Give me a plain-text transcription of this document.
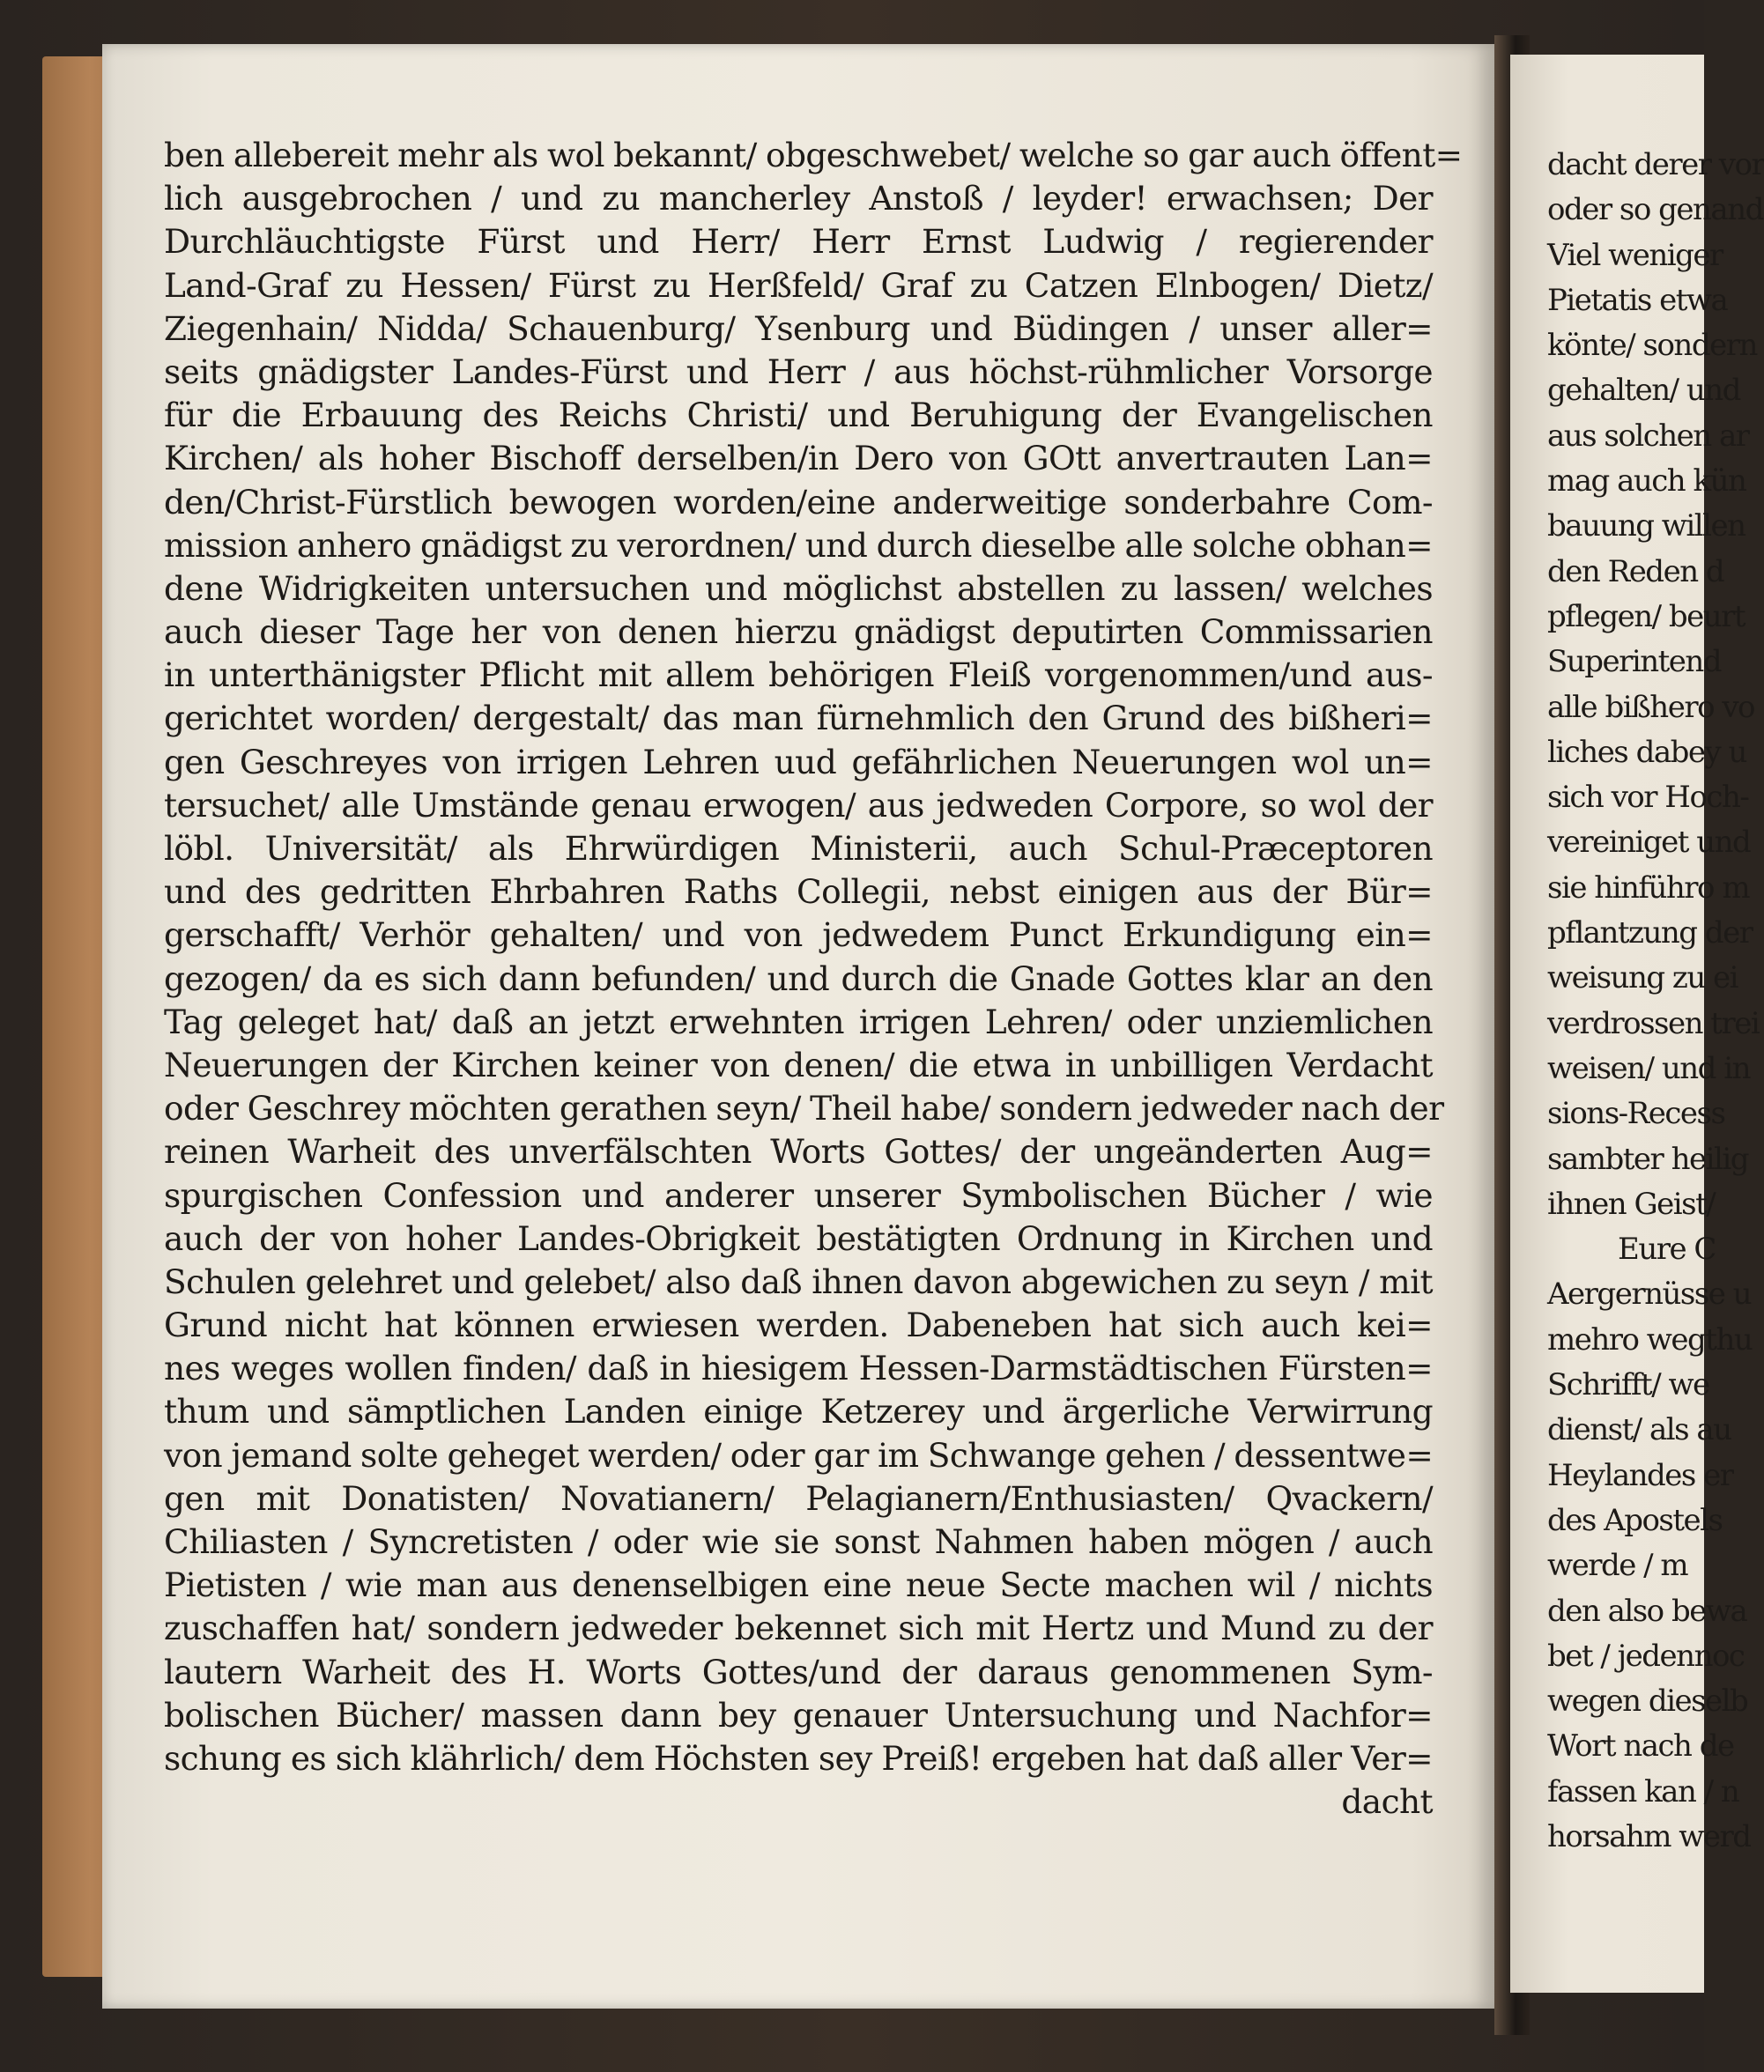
ben allebereit mehr als wol bekannt/ obgeschwebet/ welche so gar auch öffent=
lich ausgebrochen / und zu mancherley Anstoß / leyder! erwachsen; Der
Durchläuchtigste Fürst und Herr/ Herr Ernst Ludwig / regierender
Land-Graf zu Hessen/ Fürst zu Herßfeld/ Graf zu Catzen Elnbogen/ Dietz/
Ziegenhain/ Nidda/ Schauenburg/ Ysenburg und Büdingen / unser aller=
seits gnädigster Landes-Fürst und Herr / aus höchst-rühmlicher Vorsorge
für die Erbauung des Reichs Christi/ und Beruhigung der Evangelischen
Kirchen/ als hoher Bischoff derselben/in Dero von GOtt anvertrauten Lan=
den/Christ-Fürstlich bewogen worden/eine anderweitige sonderbahre Com-
mission anhero gnädigst zu verordnen/ und durch dieselbe alle solche obhan=
dene Widrigkeiten untersuchen und möglichst abstellen zu lassen/ welches
auch dieser Tage her von denen hierzu gnädigst deputirten Commissarien
in unterthänigster Pflicht mit allem behörigen Fleiß vorgenommen/und aus-
gerichtet worden/ dergestalt/ das man fürnehmlich den Grund des bißheri=
gen Geschreyes von irrigen Lehren uud gefährlichen Neuerungen wol un=
tersuchet/ alle Umstände genau erwogen/ aus jedweden Corpore, so wol der
löbl. Universität/ als Ehrwürdigen Ministerii, auch Schul-Præceptoren
und des gedritten Ehrbahren Raths Collegii, nebst einigen aus der Bür=
gerschafft/ Verhör gehalten/ und von jedwedem Punct Erkundigung ein=
gezogen/ da es sich dann befunden/ und durch die Gnade Gottes klar an den
Tag geleget hat/ daß an jetzt erwehnten irrigen Lehren/ oder unziemlichen
Neuerungen der Kirchen keiner von denen/ die etwa in unbilligen Verdacht
oder Geschrey möchten gerathen seyn/ Theil habe/ sondern jedweder nach der
reinen Warheit des unverfälschten Worts Gottes/ der ungeänderten Aug=
spurgischen Confession und anderer unserer Symbolischen Bücher / wie
auch der von hoher Landes-Obrigkeit bestätigten Ordnung in Kirchen und
Schulen gelehret und gelebet/ also daß ihnen davon abgewichen zu seyn / mit
Grund nicht hat können erwiesen werden. Dabeneben hat sich auch kei=
nes weges wollen finden/ daß in hiesigem Hessen-Darmstädtischen Fürsten=
thum und sämptlichen Landen einige Ketzerey und ärgerliche Verwirrung
von jemand solte geheget werden/ oder gar im Schwange gehen / dessentwe=
gen mit Donatisten/ Novatianern/ Pelagianern/Enthusiasten/ Qvackern/
Chiliasten / Syncretisten / oder wie sie sonst Nahmen haben mögen / auch
Pietisten / wie man aus denenselbigen eine neue Secte machen wil / nichts
zuschaffen hat/ sondern jedweder bekennet sich mit Hertz und Mund zu der
lautern Warheit des H. Worts Gottes/und der daraus genommenen Sym-
bolischen Bücher/ massen dann bey genauer Untersuchung und Nachfor=
schung es sich klährlich/ dem Höchsten sey Preiß! ergeben hat daß aller Ver=
dacht
dacht derer vor
oder so genand
Viel weniger
Pietatis etwa
könte/ sondern
gehalten/ und
aus solchen ar
mag auch kün
bauung willen
den Reden d
pflegen/ beurt
Superintend
alle bißhero vo
liches dabey u
sich vor Hoch-
vereiniget und
sie hinführo m
pflantzung der
weisung zu ei
verdrossen trei
weisen/ und in
sions-Recess
sambter heilig
ihnen Geist/
Eure C
Aergernüsse u
mehro wegthu
Schrifft/ we
dienst/ als au
Heylandes er
des Apostels
werde / m
den also bewa
bet / jedennoc
wegen dieselb
Wort nach de
fassen kan / n
horsahm werd
